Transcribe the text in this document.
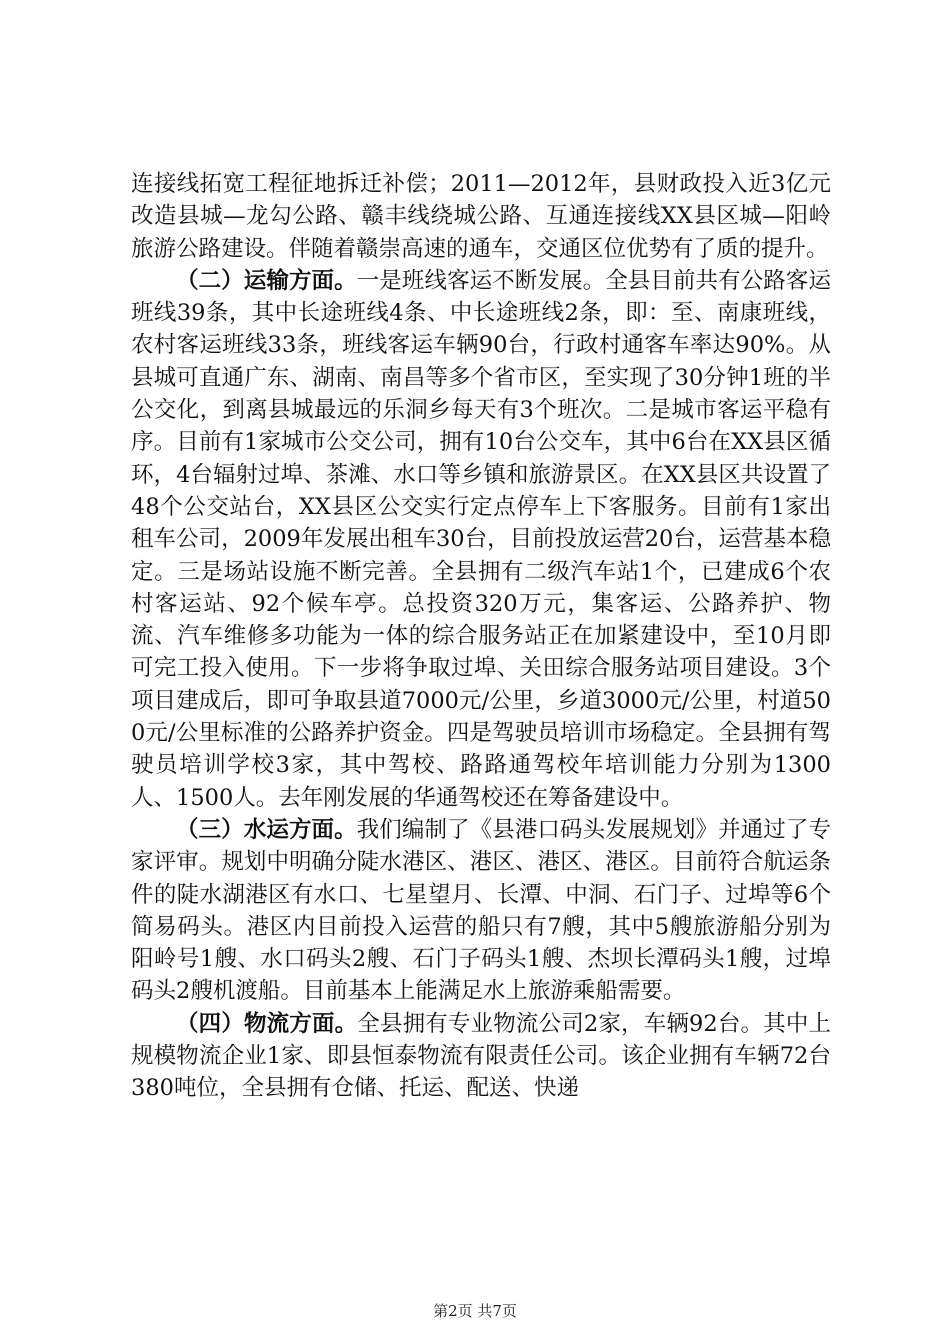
连接线拓宽工程征地拆迁补偿；2011—2012年，县财政投入近3亿元改造县城—龙勾公路、赣丰线绕城公路、互通连接线XX县区城—阳岭旅游公路建设。伴随着赣崇高速的通车，交通区位优势有了质的提升。

（二）运输方面。一是班线客运不断发展。全县目前共有公路客运班线39条，其中长途班线4条、中长途班线2条，即：至、南康班线，农村客运班线33条，班线客运车辆90台，行政村通客车率达90%。从县城可直通广东、湖南、南昌等多个省市区，至实现了30分钟1班的半公交化，到离县城最远的乐洞乡每天有3个班次。二是城市客运平稳有序。目前有1家城市公交公司，拥有10台公交车，其中6台在XX县区循环，4台辐射过埠、茶滩、水口等乡镇和旅游景区。在XX县区共设置了48个公交站台，XX县区公交实行定点停车上下客服务。目前有1家出租车公司，2009年发展出租车30台，目前投放运营20台，运营基本稳定。三是场站设施不断完善。全县拥有二级汽车站1个，已建成6个农村客运站、92个候车亭。总投资320万元，集客运、公路养护、物流、汽车维修多功能为一体的综合服务站正在加紧建设中，至10月即可完工投入使用。下一步将争取过埠、关田综合服务站项目建设。3个项目建成后，即可争取县道7000元/公里，乡道3000元/公里，村道500元/公里标准的公路养护资金。四是驾驶员培训市场稳定。全县拥有驾驶员培训学校3家，其中驾校、路路通驾校年培训能力分别为1300人、1500人。去年刚发展的华通驾校还在筹备建设中。

（三）水运方面。我们编制了《县港口码头发展规划》并通过了专家评审。规划中明确分陡水港区、港区、港区、港区。目前符合航运条件的陡水湖港区有水口、七星望月、长潭、中洞、石门子、过埠等6个简易码头。港区内目前投入运营的船只有7艘，其中5艘旅游船分别为阳岭号1艘、水口码头2艘、石门子码头1艘、杰坝长潭码头1艘，过埠码头2艘机渡船。目前基本上能满足水上旅游乘船需要。

（四）物流方面。全县拥有专业物流公司2家，车辆92台。其中上规模物流企业1家、即县恒泰物流有限责任公司。该企业拥有车辆72台380吨位，全县拥有仓储、托运、配送、快递

第2页 共7页
